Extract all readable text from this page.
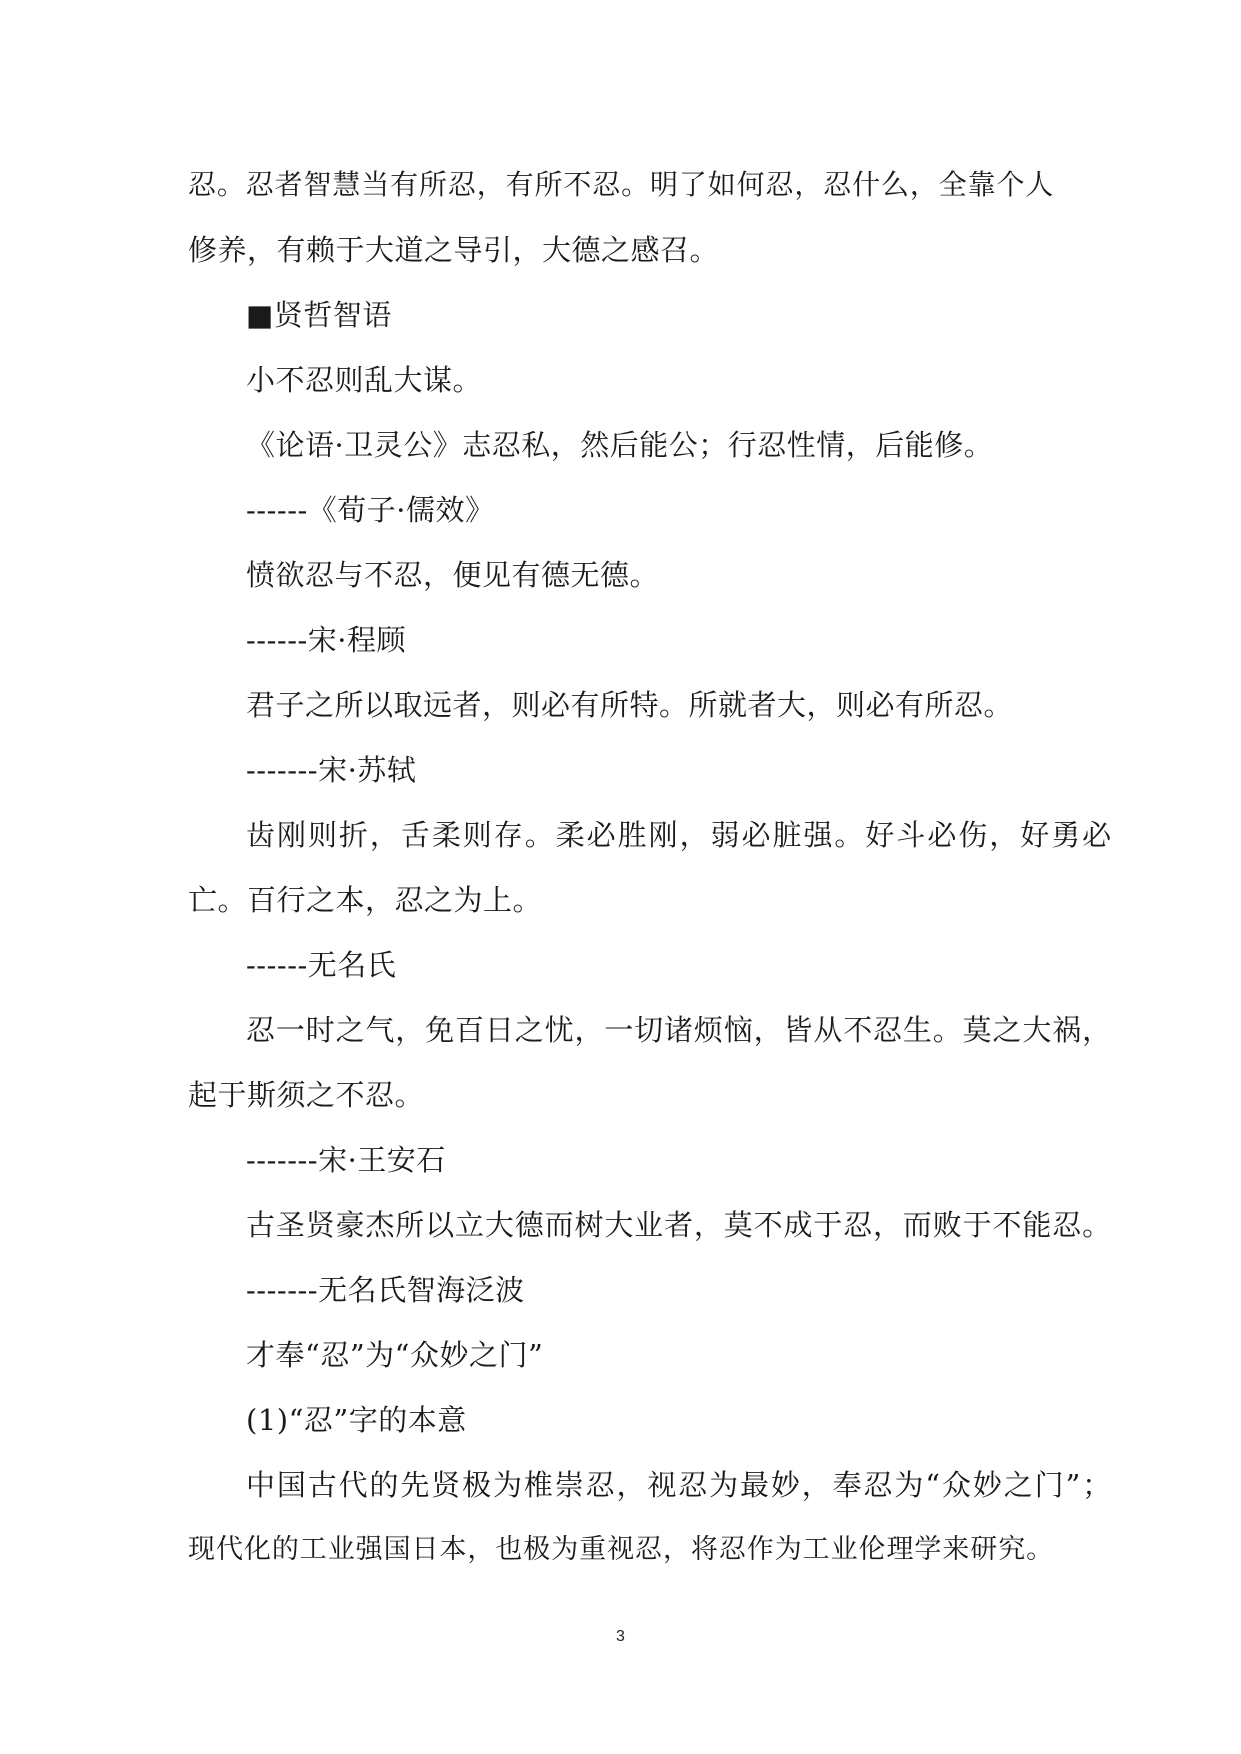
忍 。 忍 者 智 慧 当 有 所 忍 ， 有 所 不 忍 。 明 了 如 何 忍 ， 忍 什 么 ， 全 靠 个 人
修养，有赖于大道之导引，大德之感召。
■贤哲智语
小不忍则乱大谋。
《论语·卫灵公》志忍私，然后能公；行忍性情，后能修。
------《荀子·儒效》
愤欲忍与不忍，便见有德无德。
------宋·程顾
君子之所以取远者，则必有所特。所就者大，则必有所忍。
-------宋·苏轼
齿 刚 则 折 ， 舌 柔 则 存 。 柔 必 胜 刚 ， 弱 必 脏 强 。 好 斗 必 伤 ， 好 勇 必
亡。百行之本，忍之为上。
------无名氏
忍 一 时 之 气 ， 免 百 日 之 忧 ， 一 切 诸 烦 恼 ， 皆 从 不 忍 生 。 莫 之 大 祸 ，
起于斯须之不忍。
-------宋·王安石
古 圣 贤 豪 杰 所 以 立 大 德 而 树 大 业 者 ， 莫 不 成 于 忍 ， 而 败 于 不 能 忍 。
-------无名氏智海泛波
才奉“忍”为“众妙之门”
(1)“忍”字的本意
中 国 古 代 的 先 贤 极 为 椎 崇 忍 ， 视 忍 为 最 妙 ， 奉 忍 为 “ 众 妙 之 门 ” ；
现 代 化 的 工 业 强 国 日 本 ， 也 极 为 重 视 忍 ， 将 忍 作 为 工 业 伦 理 学 来 研 究 。
3
